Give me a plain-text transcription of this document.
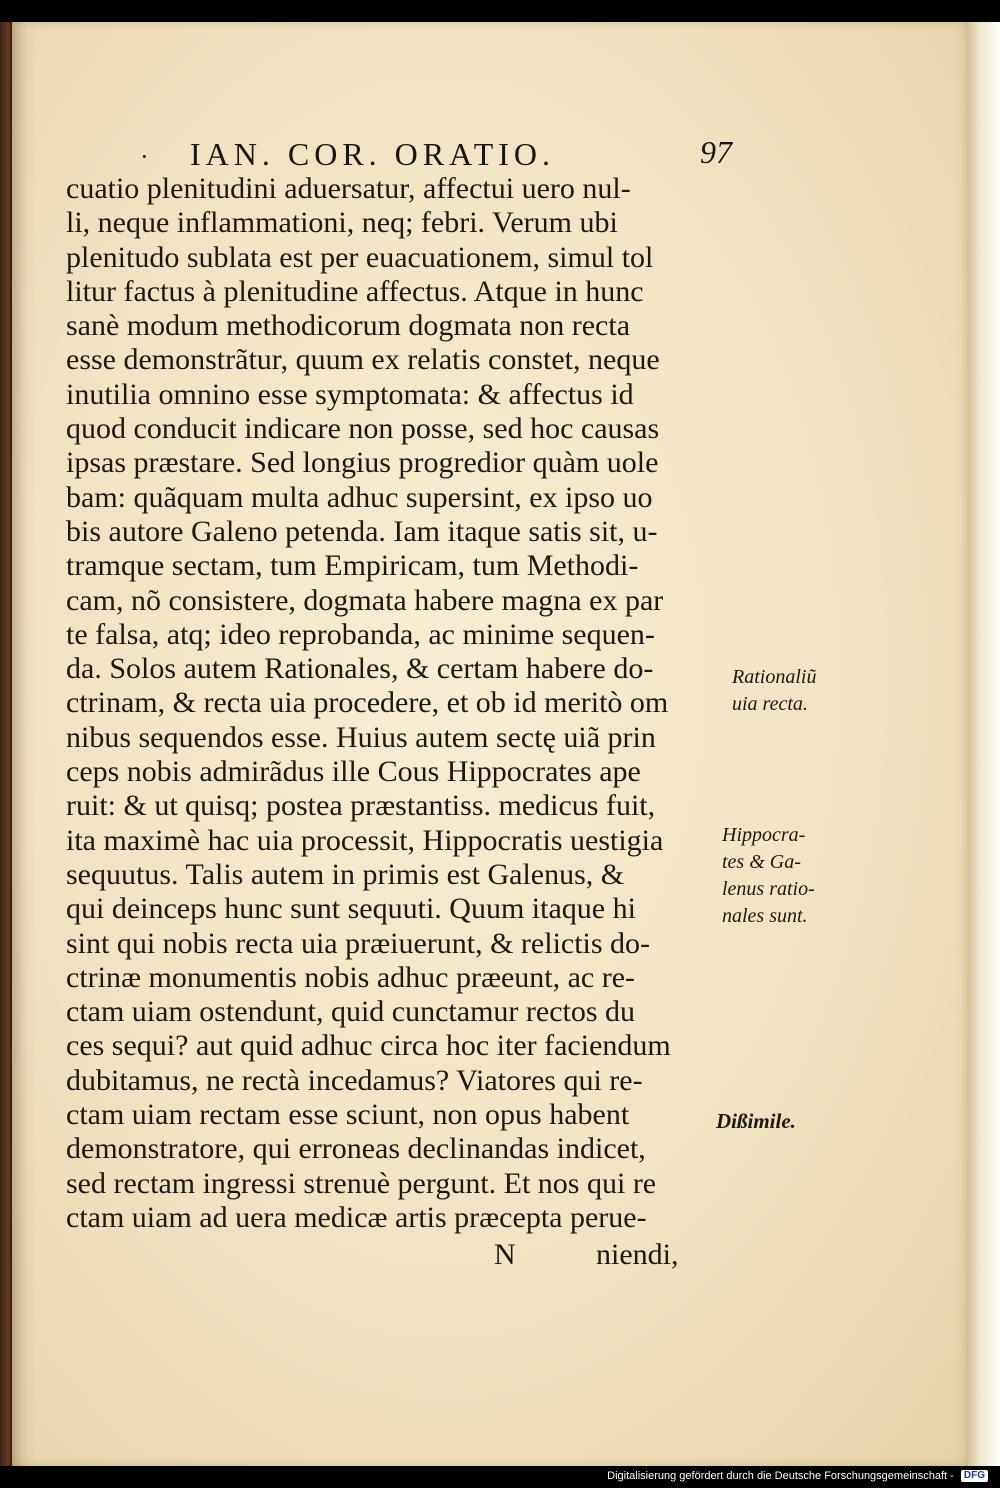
· IAN. COR. ORATIO.	97
cuatio plenitudini aduersatur, affectui uero nul-
li, neque inflammationi, neq; febri. Verum ubi
plenitudo sublata est per euacuationem, simul tol
litur factus à plenitudine affectus. Atque in hunc
sanè modum methodicorum dogmata non recta
esse demonstrãtur, quum ex relatis constet, neque
inutilia omnino esse symptomata: & affectus id
quod conducit indicare non posse, sed hoc causas
ipsas præstare. Sed longius progredior quàm uole
bam: quãquam multa adhuc supersint, ex ipso uo
bis autore Galeno petenda. Iam itaque satis sit, u-
tramque sectam, tum Empiricam, tum Methodi-
cam, nõ consistere, dogmata habere magna ex par
te falsa, atq; ideo reprobanda, ac minime sequen-
da. Solos autem Rationales, & certam habere do-
ctrinam, & recta uia procedere, et ob id meritò om
nibus sequendos esse. Huius autem sectę uiã prin
ceps nobis admirãdus ille Cous Hippocrates ape
ruit: & ut quisq; postea præstantiss. medicus fuit,
ita maximè hac uia processit, Hippocratis uestigia
sequutus. Talis autem in primis est Galenus, &
qui deinceps hunc sunt sequuti. Quum itaque hi
sint qui nobis recta uia præiuerunt, & relictis do-
ctrinæ monumentis nobis adhuc præeunt, ac re-
ctam uiam ostendunt, quid cunctamur rectos du
ces sequi? aut quid adhuc circa hoc iter faciendum
dubitamus, ne rectà incedamus? Viatores qui re-
ctam uiam rectam esse sciunt, non opus habent
demonstratore, qui erroneas declinandas indicet,
sed rectam ingressi strenuè pergunt. Et nos qui re
ctam uiam ad uera medicæ artis præcepta perue-
N	niendi,
Rationaliũ
uia recta.
Hippocra-
tes & Ga-
lenus ratio-
nales sunt.
Dißimile.
Digitalisierung gefördert durch die Deutsche Forschungsgemeinschaft - DFG
